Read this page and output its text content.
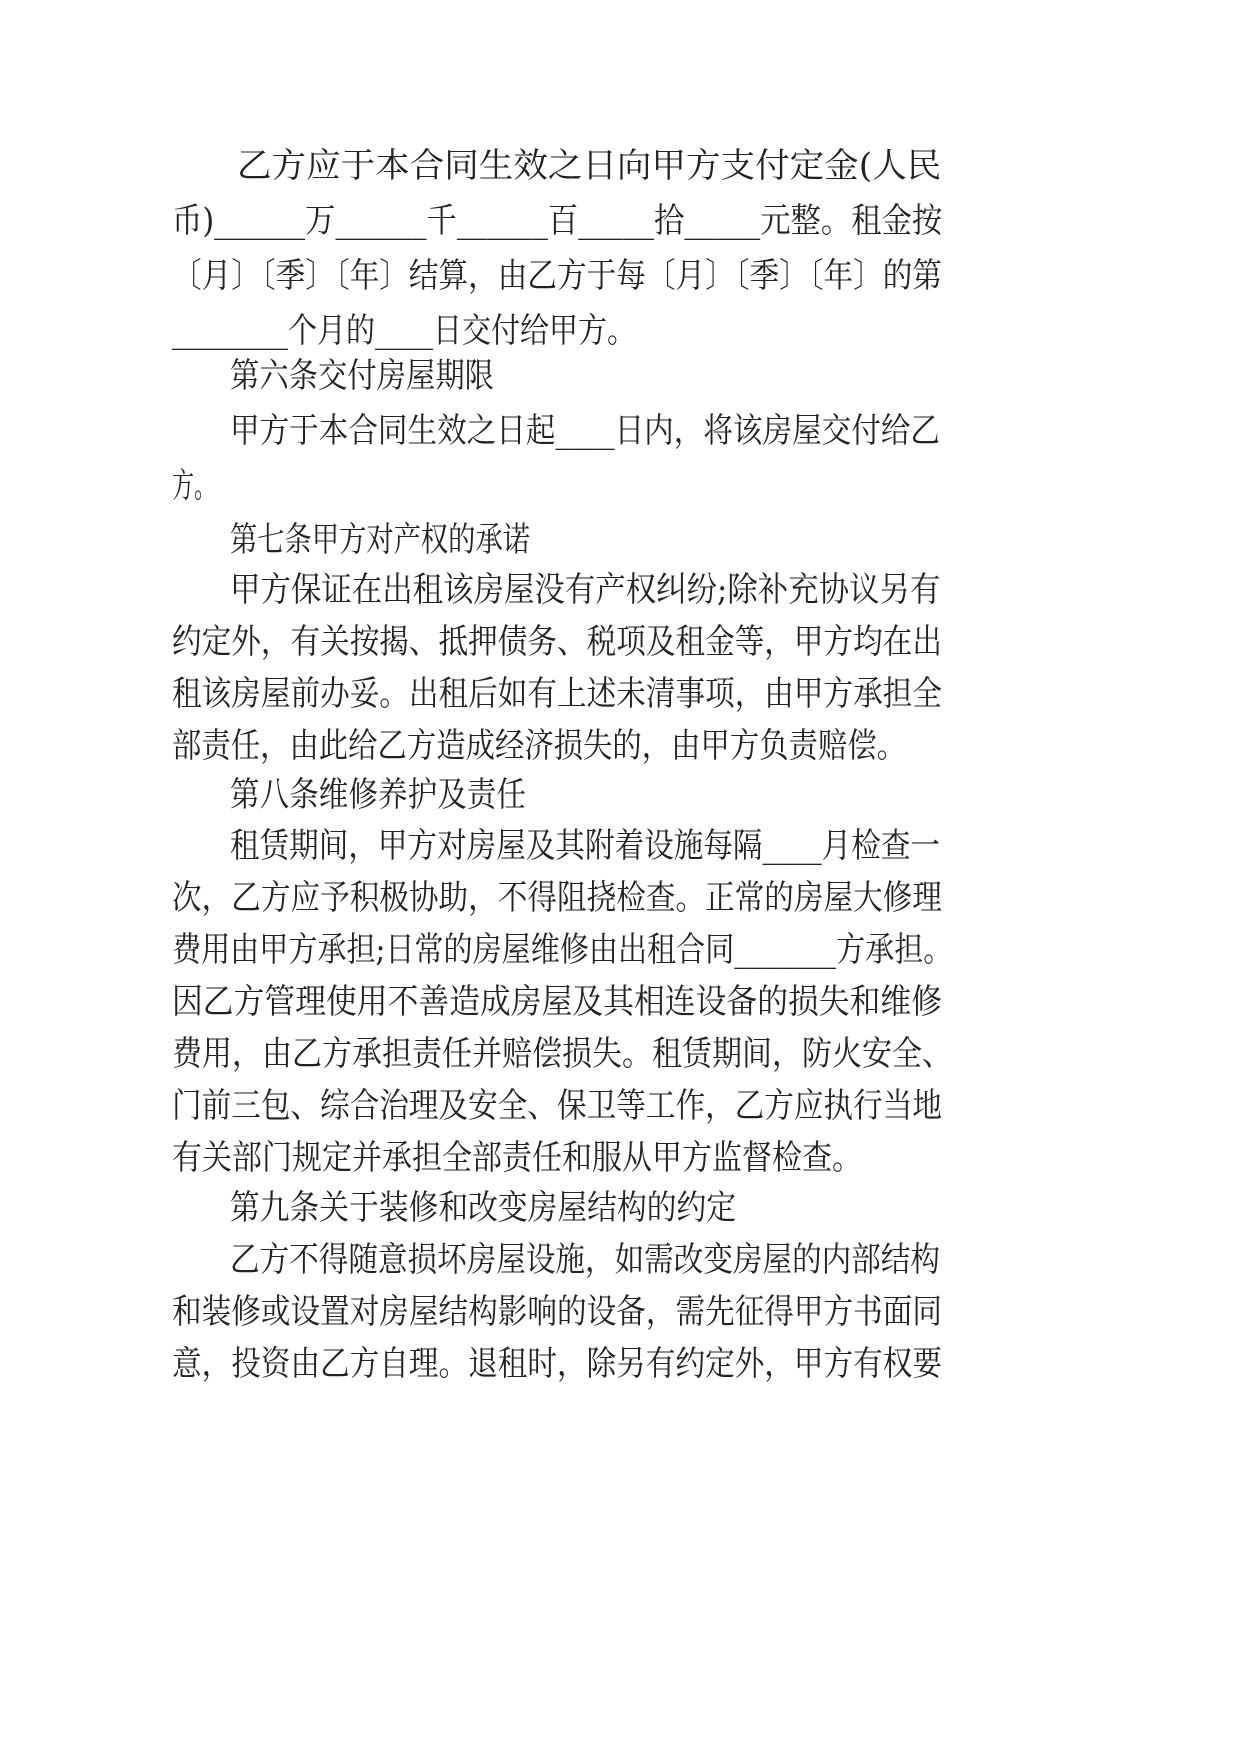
乙方应于本合同生效之日向甲方支付定金(人民
币)______万______千______百_____拾_____元整。租金按
〔月〕〔季〕〔年〕结算，由乙方于每〔月〕〔季〕〔年〕的第
________个月的____日交付给甲方。
第六条交付房屋期限
甲方于本合同生效之日起____日内，将该房屋交付给乙
方。
第七条甲方对产权的承诺
甲方保证在出租该房屋没有产权纠纷;除补充协议另有
约定外，有关按揭、抵押债务、税项及租金等，甲方均在出
租该房屋前办妥。出租后如有上述未清事项，由甲方承担全
部责任，由此给乙方造成经济损失的，由甲方负责赔偿。
第八条维修养护及责任
租赁期间，甲方对房屋及其附着设施每隔____月检查一
次，乙方应予积极协助，不得阻挠检查。正常的房屋大修理
费用由甲方承担;日常的房屋维修由出租合同_______方承担。
因乙方管理使用不善造成房屋及其相连设备的损失和维修
费用，由乙方承担责任并赔偿损失。租赁期间，防火安全、
门前三包、综合治理及安全、保卫等工作，乙方应执行当地
有关部门规定并承担全部责任和服从甲方监督检查。
第九条关于装修和改变房屋结构的约定
乙方不得随意损坏房屋设施，如需改变房屋的内部结构
和装修或设置对房屋结构影响的设备，需先征得甲方书面同
意，投资由乙方自理。退租时，除另有约定外，甲方有权要
